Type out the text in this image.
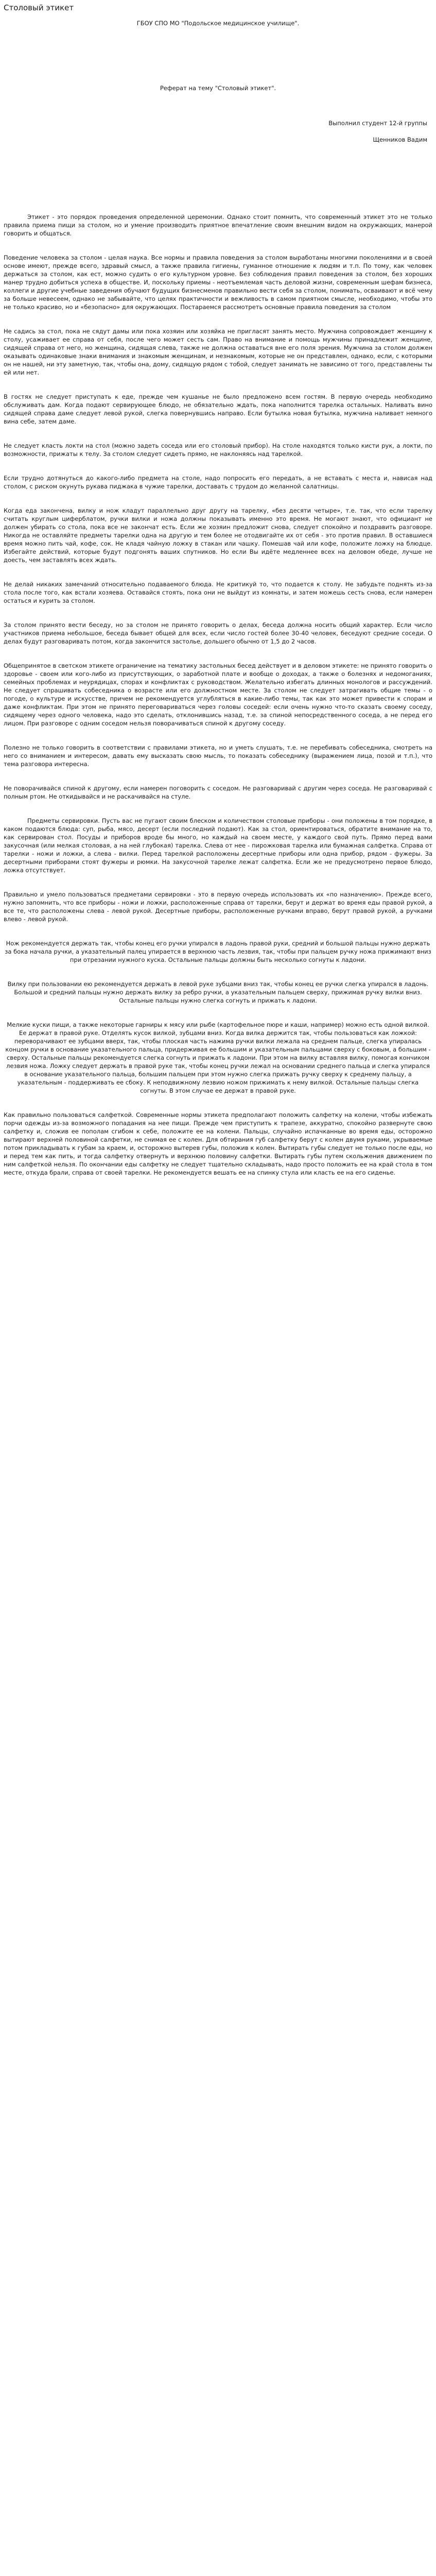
Столовый этикет
ГБОУ СПО МО "Подольское медицинское училище".
Реферат на тему "Столовый этикет".
Выполнил студент 12-й группы
Щенников Вадим

Этикет - это порядок проведения определенной церемонии. Однако стоит помнить, что современный этикет это не только правила приема пищи за столом, но и умение производить приятное впечатление своим внешним видом на окружающих, манерой говорить и общаться.

Поведение человека за столом - целая наука. Все нормы и правила поведения за столом выработаны многими поколениями и в своей основе имеют, прежде всего, здравый смысл, а также правила гигиены, гуманное отношение к людям и т.п. По тому, как человек держаться за столом, как ест, можно судить о его культурном уровне. Без соблюдения правил поведения за столом, без хороших манер трудно добиться успеха в обществе. И, поскольку приемы - неотъемлемая часть деловой жизни, современным шефам бизнеса, коллеги и другие учебные заведения обучают будущих бизнесменов правильно вести себя за столом, понимать, осваивают и всё чему за больше невесеем, однако не забывайте, что целях практичности и вежливость в самом приятном смысле, необходимо, чтобы это не только красиво, но и «безопасно» для окружающих. Постараемся рассмотреть основные правила поведения за столом

Не садись за стол, пока не сядут дамы или пока хозяин или хозяйка не пригласят занять место. Мужчина сопровождает женщину к столу, усаживает ее справа от себя, после чего может сесть сам. Право на внимание и помощь мужчины принадлежит женщине, сидящей справа от него, но женщина, сидящая слева, также не должна оставаться вне его поля зрения. Мужчина за столом должен оказывать одинаковые знаки внимания и знакомым женщинам, и незнакомым, которые не он представлен, однако, если, с которыми он не нашей, ни эту заметную, так, чтобы она, дому, сидящую рядом с тобой, следует занимать не зависимо от того, представлены ты ей или нет.

В гостях не следует приступать к еде, прежде чем кушанье не было предложено всем гостям. В первую очередь необходимо обслуживать дам. Когда подают сервирующее блюдо, не обязательно ждать, пока наполнится тарелка остальных. Наливать вино сидящей справа даме следует левой рукой, слегка повернувшись направо. Если бутылка новая бутылка, мужчина наливает немного вина себе, затем даме.

Не следует класть локти на стол (можно задеть соседа или его столовый прибор). На столе находятся только кисти рук, а локти, по возможности, прижаты к телу. За столом следует сидеть прямо, не наклоняясь над тарелкой.

Если трудно дотянуться до какого-либо предмета на столе, надо попросить его передать, а не вставать с места и, нависая над столом, с риском окунуть рукава пиджака в чужие тарелки, доставать с трудом до желанной салатницы.

Когда еда закончена, вилку и нож кладут параллельно друг другу на тарелку, «без десяти четыре», т.е. так, что если тарелку считать круглым циферблатом, ручки вилки и ножа должны показывать именно это время. Не могают знают, что официант не должен убирать со стола, пока все не закончат есть. Если же хозяин предложит снова, следует спокойно и поздравить разговоре. Никогда не оставляйте предметы тарелки одна на другую и тем более не отодвигайте их от себя - это против правил. В оставшиеся время можно пить чай, кофе, сок. Не кладя чайную ложку в стакан или чашку. Помешав чай или кофе, положите ложку на блюдце. Избегайте действий, которые будут подгонять ваших спутников. Но если Вы идёте медленнее всех на деловом обеде, лучше не доесть, чем заставлять всех ждать.

Не делай никаких замечаний относительно подаваемого блюда. Не критикуй то, что подается к столу. Не забудьте поднять из-за стола после того, как встали хозяева. Оставайся стоять, пока они не выйдут из комнаты, и затем можешь сесть снова, если намерен остаться и курить за столом.

За столом принято вести беседу, но за столом не принято говорить о делах, беседа должна носить общий характер. Если число участников приема небольшое, беседа бывает общей для всех, если число гостей более 30-40 человек, беседуют средние соседи. О делах будут разговаривать потом, когда закончится застолье, дольшего обычно от 1,5 до 2 часов.

Общепринятое в светском этикете ограничение на тематику застольных бесед действует и в деловом этикете: не принято говорить о здоровье - своем или кого-либо из присутствующих, о заработной плате и вообще о доходах, а также о болезнях и недомоганиях, семейных проблемах и неурядицах, спорах и конфликтах с руководством. Желательно избегать длинных монологов и рассуждений. Не следует спрашивать собеседника о возрасте или его должностном месте. За столом не следует затрагивать общие темы - о погоде, о культуре и искусстве, причем не рекомендуется углубляться в какие-либо темы, так как это может привести к спорам и даже конфликтам. При этом не принято переговариваться через головы соседей: если очень нужно что-то сказать своему соседу, сидящему через одного человека, надо это сделать, отклонившись назад, т.е. за спиной непосредственного соседа, а не перед его лицом. При разговоре с одним соседом нельзя поворачиваться спиной к другому соседу.

Полезно не только говорить в соответствии с правилами этикета, но и уметь слушать, т.е. не перебивать собеседника, смотреть на него со вниманием и интересом, давать ему высказать свою мысль, то показать собеседнику (выражением лица, позой и т.п.), что тема разговора интересна.

Не поворачивайся спиной к другому, если намерен поговорить с соседом. Не разговаривай с другим через соседа. Не разговаривай с полным ртом. Не откидывайся и не раскачивайся на стуле.

Предметы сервировки. Пусть вас не пугают своим блеском и количеством столовые приборы - они положены в том порядке, в каком подаются блюда: суп, рыба, мясо, десерт (если последний подают). Как за стол, ориентироваться, обратите внимание на то, как сервирован стол. Посуды и приборов вроде бы много, но каждый на своем месте, у каждого свой путь. Прямо перед вами закусочная (или мелкая столовая, а на ней глубокая) тарелка. Слева от нее - пирожковая тарелка или бумажная салфетка. Справа от тарелки - ножи и ложки, а слева - вилки. Перед тарелкой расположены десертные приборы или одна прибор, рядом - фужеры. За десертными приборами стоят фужеры и рюмки. На закусочной тарелке лежат салфетка. Если же не предусмотрено первое блюдо, ложка отсутствует.

Правильно и умело пользоваться предметами сервировки - это в первую очередь использовать их «по назначению». Прежде всего, нужно запомнить, что все приборы - ножи и ложки, расположенные справа от тарелки, берут и держат во время еды правой рукой, а все те, что расположены слева - левой рукой. Десертные приборы, расположенные ручками вправо, берут правой рукой, а ручками влево - левой рукой.

Нож рекомендуется держать так, чтобы конец его ручки упирался в ладонь правой руки, средний и большой пальцы нужно держать за бока начала ручки, а указательный палец упирается в верхнюю часть лезвия, так, чтобы при пальцем ручку ножа прижимают вниз при отрезании нужного куска. Остальные пальцы должны быть несколько согнуты к ладони.

Вилку при пользовании ею рекомендуется держать в левой руке зубцами вниз так, чтобы конец ее ручки слегка упирался в ладонь. Большой и средний пальцы нужно держать вилку за ребро ручки, а указательным пальцем сверху, прижимая ручку вилки вниз. Остальные пальцы нужно слегка согнуть и прижать к ладони.

Мелкие куски пищи, а также некоторые гарниры к мясу или рыбе (картофельное пюре и каши, например) можно есть одной вилкой. Ее держат в правой руке. Отделять кусок вилкой, зубцами вниз. Когда вилка держится так, чтобы пользоваться как ложкой: переворачивают ее зубцами вверх, так, чтобы плоская часть нажима ручки вилки лежала на среднем пальце, слегка упиралась концом ручки в основание указательного пальца, придерживая ее большим и указательным пальцами сверху с боковым, а большим - сверху. Остальные пальцы рекомендуется слегка согнуть и прижать к ладони. При этом на вилку вставляя вилку, помогая кончиком лезвия ножа. Ложку следует держать в правой руке так, чтобы конец ручки лежал на основании среднего пальца и слегка упирался в основание указательного пальца, большим пальцем при этом нужно слегка прижать ручку сверху к среднему пальцу, а указательным - поддерживать ее сбоку. К неподвижному лезвию ножом прижимать к нему вилкой. Остальные пальцы слегка согнуты. В этом случае ее держат в правой руке.

Как правильно пользоваться салфеткой. Современные нормы этикета предполагают положить салфетку на колени, чтобы избежать порчи одежды из-за возможного попадания на нее пищи. Прежде чем приступить к трапезе, аккуратно, спокойно развернуте свою салфетку и, сложив ее пополам сгибом к себе, положите ее на колени. Пальцы, случайно испачканные во время еды, осторожно вытирают верхней половиной салфетки, не снимая ее с колен. Для обтирания губ салфетку берут с колен двумя руками, укрываемые потом прикладывать к губам за краем, и, осторожно вытерев губы, положив к колен. Вытирать губы следует не только после еды, но и перед тем как пить, и тогда салфетку отвернуть и верхнюю половину салфетки. Вытирать губы путем скольжения движением по ним салфеткой нельзя. По окончании еды салфетку не следует тщательно складывать, надо просто положить ее на край стола в том месте, откуда брали, справа от своей тарелки. Не рекомендуется вешать ее на спинку стула или класть ее на его сиденье.
